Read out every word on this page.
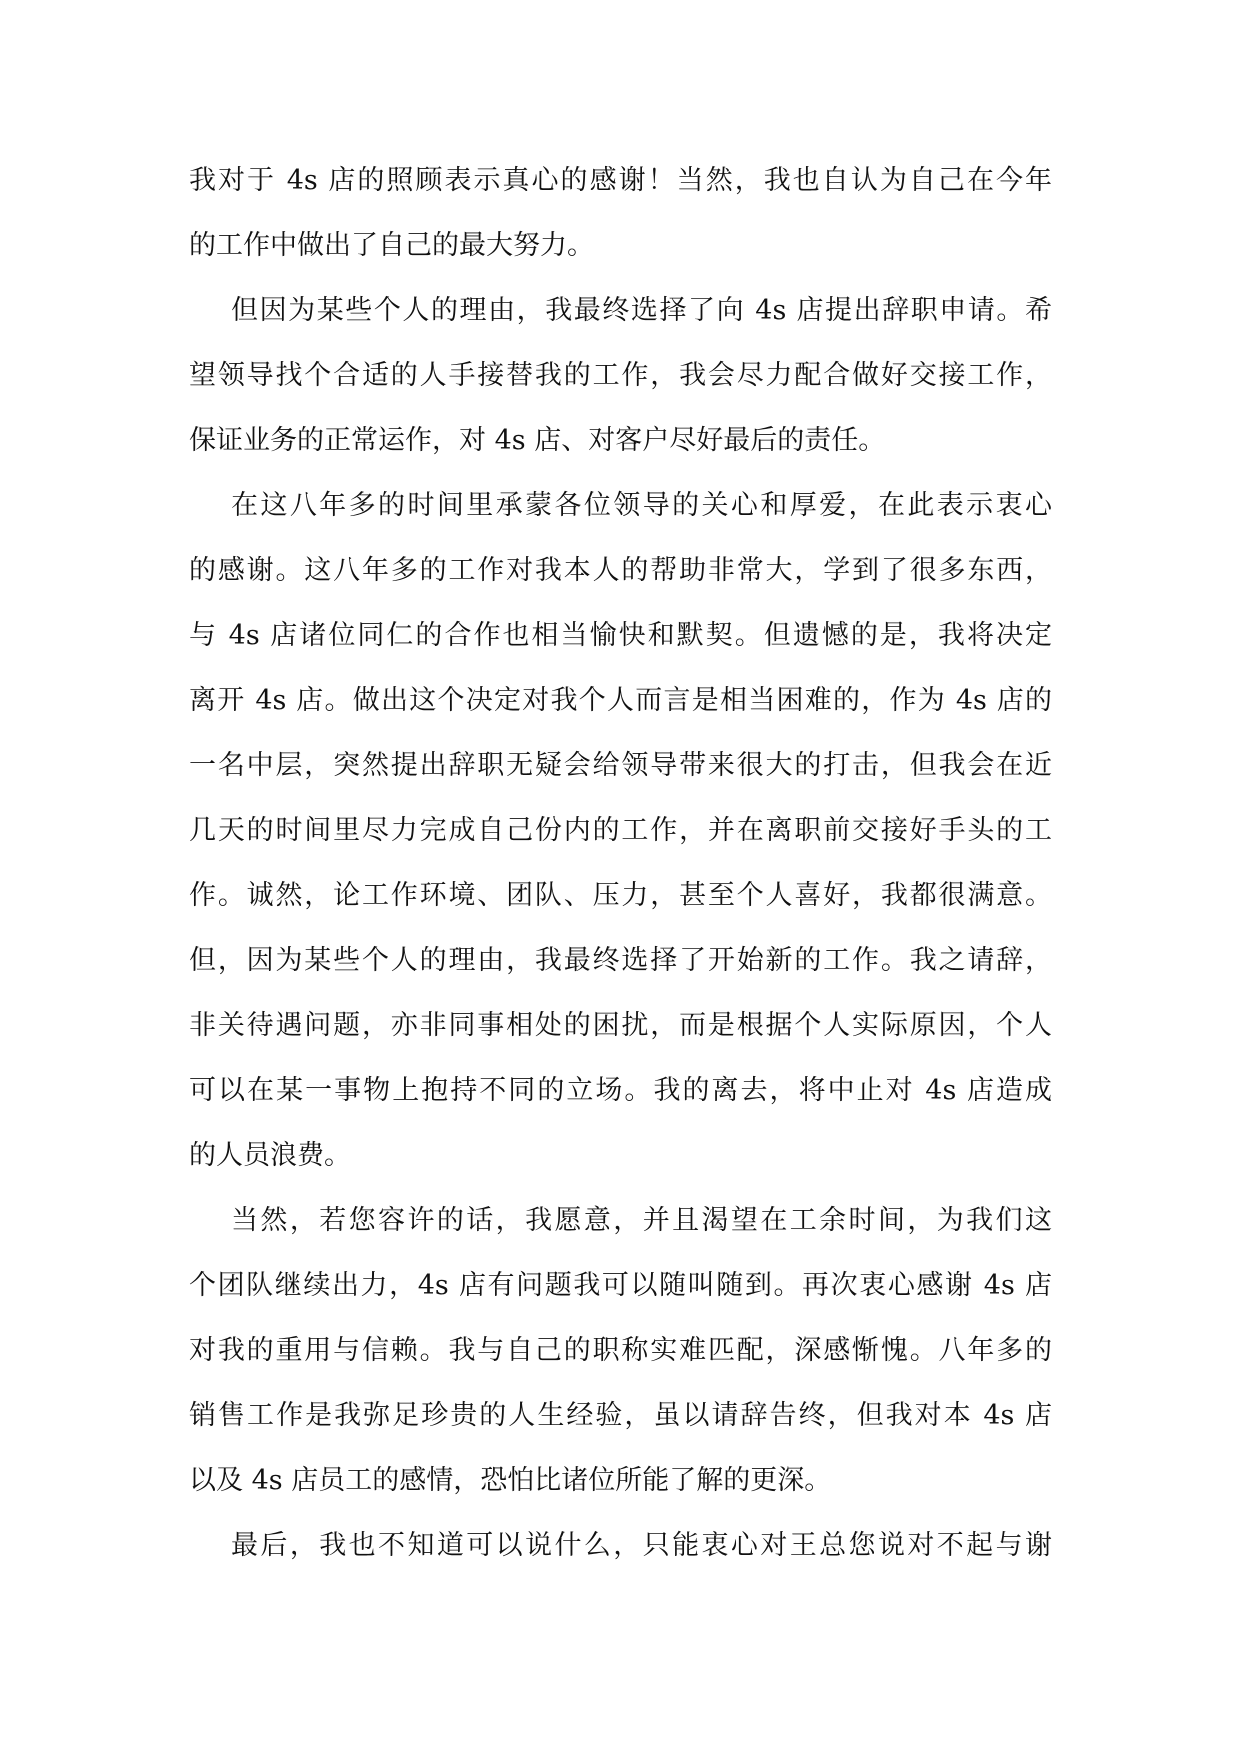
我对于 4s 店的照顾表示真心的感谢！当然，我也自认为自己在今年
的工作中做出了自己的最大努力。
但因为某些个人的理由，我最终选择了向 4s 店提出辞职申请。希
望领导找个合适的人手接替我的工作，我会尽力配合做好交接工作，
保证业务的正常运作，对 4s 店、对客户尽好最后的责任。
在这八年多的时间里承蒙各位领导的关心和厚爱，在此表示衷心
的感谢。这八年多的工作对我本人的帮助非常大，学到了很多东西，
与 4s 店诸位同仁的合作也相当愉快和默契。但遗憾的是，我将决定
离开 4s 店。做出这个决定对我个人而言是相当困难的，作为 4s 店的
一名中层，突然提出辞职无疑会给领导带来很大的打击，但我会在近
几天的时间里尽力完成自己份内的工作，并在离职前交接好手头的工
作。诚然，论工作环境、团队、压力，甚至个人喜好，我都很满意。
但，因为某些个人的理由，我最终选择了开始新的工作。我之请辞，
非关待遇问题，亦非同事相处的困扰，而是根据个人实际原因，个人
可以在某一事物上抱持不同的立场。我的离去，将中止对 4s 店造成
的人员浪费。
当然，若您容许的话，我愿意，并且渴望在工余时间，为我们这
个团队继续出力，4s 店有问题我可以随叫随到。再次衷心感谢 4s 店
对我的重用与信赖。我与自己的职称实难匹配，深感惭愧。八年多的
销售工作是我弥足珍贵的人生经验，虽以请辞告终，但我对本 4s 店
以及 4s 店员工的感情，恐怕比诸位所能了解的更深。
最后，我也不知道可以说什么，只能衷心对王总您说对不起与谢
